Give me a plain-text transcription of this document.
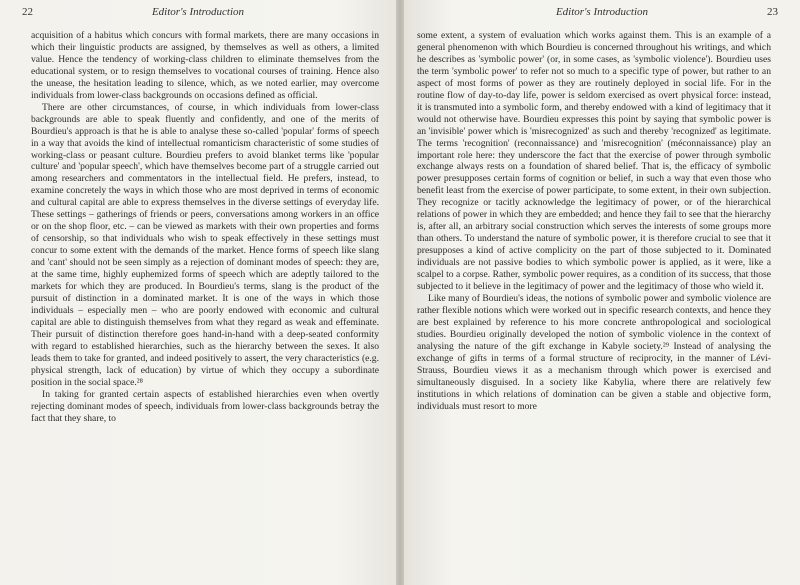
22	Editor's Introduction

acquisition of a habitus which concurs with formal markets, there are many occasions in which their linguistic products are assigned, by themselves as well as others, a limited value. Hence the tendency of working-class children to eliminate themselves from the educational system, or to resign themselves to vocational courses of training. Hence also the unease, the hesitation leading to silence, which, as we noted earlier, may overcome individuals from lower-class backgrounds on occasions defined as official.

There are other circumstances, of course, in which individuals from lower-class backgrounds are able to speak fluently and confidently, and one of the merits of Bourdieu's approach is that he is able to analyse these so-called 'popular' forms of speech in a way that avoids the kind of intellectual romanticism characteristic of some studies of working-class or peasant culture. Bourdieu prefers to avoid blanket terms like 'popular culture' and 'popular speech', which have themselves become part of a struggle carried out among researchers and commentators in the intellectual field. He prefers, instead, to examine concretely the ways in which those who are most deprived in terms of economic and cultural capital are able to express themselves in the diverse settings of everyday life. These settings – gatherings of friends or peers, conversations among workers in an office or on the shop floor, etc. – can be viewed as markets with their own properties and forms of censorship, so that individuals who wish to speak effectively in these settings must concur to some extent with the demands of the market. Hence forms of speech like slang and 'cant' should not be seen simply as a rejection of dominant modes of speech: they are, at the same time, highly euphemized forms of speech which are adeptly tailored to the markets for which they are produced. In Bourdieu's terms, slang is the product of the pursuit of distinction in a dominated market. It is one of the ways in which those individuals – especially men – who are poorly endowed with economic and cultural capital are able to distinguish themselves from what they regard as weak and effeminate. Their pursuit of distinction therefore goes hand-in-hand with a deep-seated conformity with regard to established hierarchies, such as the hierarchy between the sexes. It also leads them to take for granted, and indeed positively to assert, the very characteristics (e.g. physical strength, lack of education) by virtue of which they occupy a subordinate position in the social space.²⁸

In taking for granted certain aspects of established hierarchies even when overtly rejecting dominant modes of speech, individuals from lower-class backgrounds betray the fact that they share, to

Editor's Introduction	23

some extent, a system of evaluation which works against them. This is an example of a general phenomenon with which Bourdieu is concerned throughout his writings, and which he describes as 'symbolic power' (or, in some cases, as 'symbolic violence'). Bourdieu uses the term 'symbolic power' to refer not so much to a specific type of power, but rather to an aspect of most forms of power as they are routinely deployed in social life. For in the routine flow of day-to-day life, power is seldom exercised as overt physical force: instead, it is transmuted into a symbolic form, and thereby endowed with a kind of legitimacy that it would not otherwise have. Bourdieu expresses this point by saying that symbolic power is an 'invisible' power which is 'misrecognized' as such and thereby 'recognized' as legitimate. The terms 'recognition' (reconnaissance) and 'misrecognition' (méconnaissance) play an important role here: they underscore the fact that the exercise of power through symbolic exchange always rests on a foundation of shared belief. That is, the efficacy of symbolic power presupposes certain forms of cognition or belief, in such a way that even those who benefit least from the exercise of power participate, to some extent, in their own subjection. They recognize or tacitly acknowledge the legitimacy of power, or of the hierarchical relations of power in which they are embedded; and hence they fail to see that the hierarchy is, after all, an arbitrary social construction which serves the interests of some groups more than others. To understand the nature of symbolic power, it is therefore crucial to see that it presupposes a kind of active complicity on the part of those subjected to it. Dominated individuals are not passive bodies to which symbolic power is applied, as it were, like a scalpel to a corpse. Rather, symbolic power requires, as a condition of its success, that those subjected to it believe in the legitimacy of power and the legitimacy of those who wield it.

Like many of Bourdieu's ideas, the notions of symbolic power and symbolic violence are rather flexible notions which were worked out in specific research contexts, and hence they are best explained by reference to his more concrete anthropological and sociological studies. Bourdieu originally developed the notion of symbolic violence in the context of analysing the nature of the gift exchange in Kabyle society.²⁹ Instead of analysing the exchange of gifts in terms of a formal structure of reciprocity, in the manner of Lévi-Strauss, Bourdieu views it as a mechanism through which power is exercised and simultaneously disguised. In a society like Kabylia, where there are relatively few institutions in which relations of domination can be given a stable and objective form, individuals must resort to more
